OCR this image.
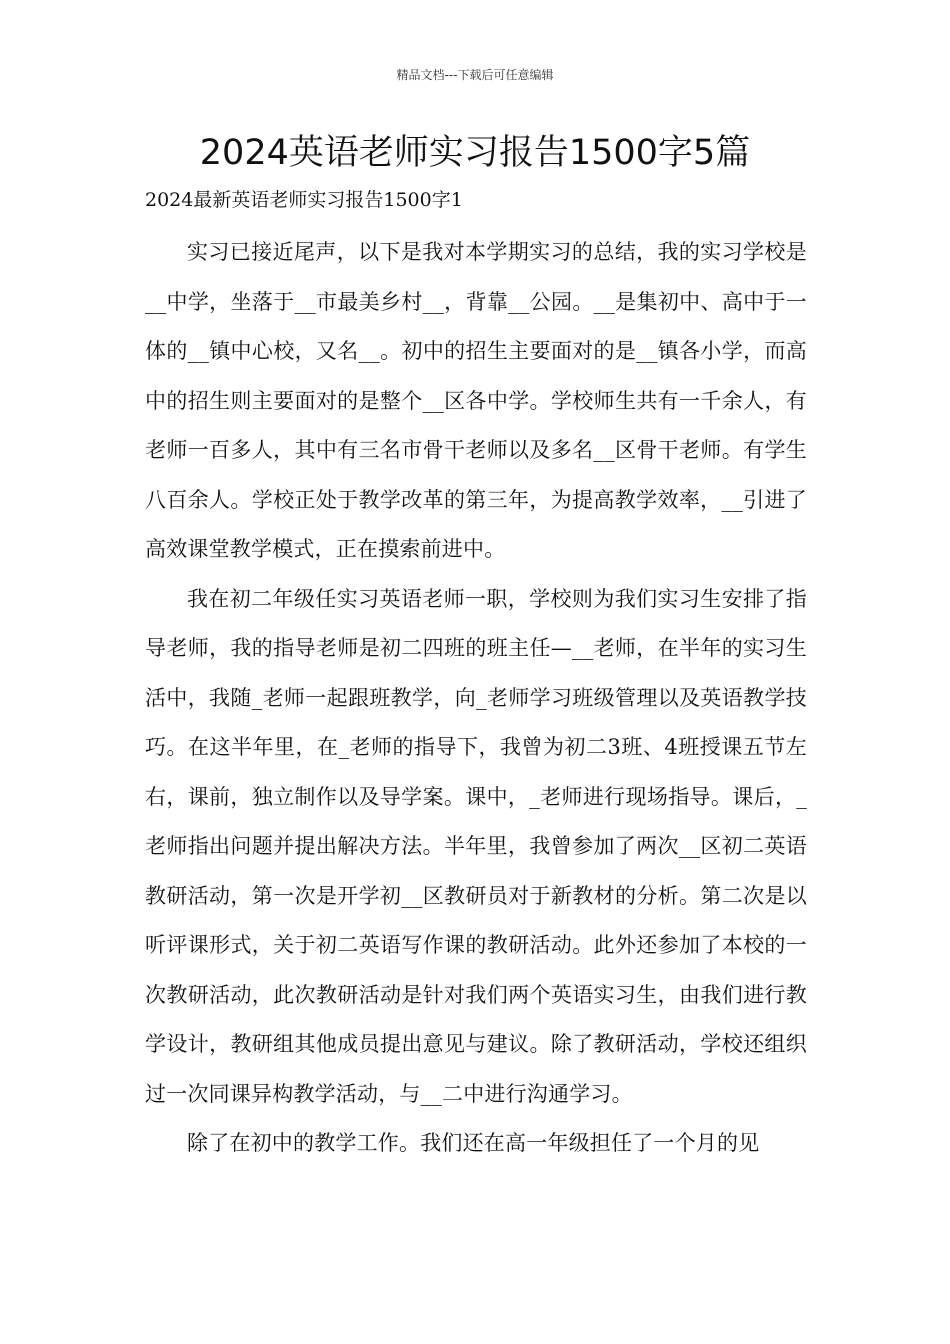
精品文档---下载后可任意编辑
2024英语老师实习报告1500字5篇
2024最新英语老师实习报告1500字1

实习已接近尾声，以下是我对本学期实习的总结，我的实习学校是__中学，坐落于__市最美乡村__，背靠__公园。__是集初中、高中于一体的__镇中心校，又名__。初中的招生主要面对的是__镇各小学，而高中的招生则主要面对的是整个__区各中学。学校师生共有一千余人，有老师一百多人，其中有三名市骨干老师以及多名__区骨干老师。有学生八百余人。学校正处于教学改革的第三年，为提高教学效率，__引进了高效课堂教学模式，正在摸索前进中。

我在初二年级任实习英语老师一职，学校则为我们实习生安排了指导老师，我的指导老师是初二四班的班主任—__老师，在半年的实习生活中，我随_老师一起跟班教学，向_老师学习班级管理以及英语教学技巧。在这半年里，在_老师的指导下，我曾为初二3班、4班授课五节左右，课前，独立制作以及导学案。课中，_老师进行现场指导。课后，_老师指出问题并提出解决方法。半年里，我曾参加了两次__区初二英语教研活动，第一次是开学初__区教研员对于新教材的分析。第二次是以听评课形式，关于初二英语写作课的教研活动。此外还参加了本校的一次教研活动，此次教研活动是针对我们两个英语实习生，由我们进行教学设计，教研组其他成员提出意见与建议。除了教研活动，学校还组织过一次同课异构教学活动，与__二中进行沟通学习。

除了在初中的教学工作。我们还在高一年级担任了一个月的见
